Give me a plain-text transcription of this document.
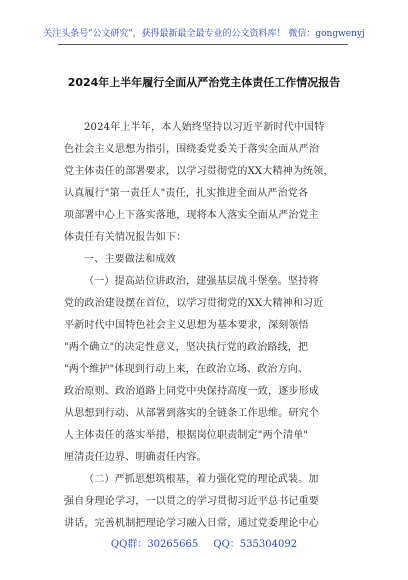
关注头条号"公文研究"，获得最新最全最专业的公文资料库！ 微信：gongwenyj
2024年上半年履行全面从严治党主体责任工作情况报告
2024年上半年，本人始终坚持以习近平新时代中国特
色社会主义思想为指引，围绕委党委关于落实全面从严治
党主体责任的部署要求，以学习贯彻党的XX大精神为统领，
认真履行"第一责任人"责任，扎实推进全面从严治党各
项部署中心上下落实落地，现将本人落实全面从严治党主
体责任有关情况报告如下：
一、主要做法和成效
（一）提高站位讲政治，建强基层战斗堡垒。坚持将
党的政治建设摆在首位，以学习贯彻党的XX大精神和习近
平新时代中国特色社会主义思想为基本要求，深刻领悟
"两个确立"的决定性意义，坚决执行党的政治路线，把
"两个维护"体现到行动上来，在政治立场、政治方向、
政治原则、政治道路上同党中央保持高度一致，逐步形成
从思想到行动、从部署到落实的全链条工作思维。研究个
人主体责任的落实举措，根据岗位职责制定"两个清单"
厘清责任边界、明确责任内容。
（二）严抓思想筑根基，着力强化党的理论武装。加
强自身理论学习，一以贯之的学习贯彻习近平总书记重要
讲话，完善机制把理论学习融入日常，通过党委理论中心
QQ群：30265665 QQ：535304092
